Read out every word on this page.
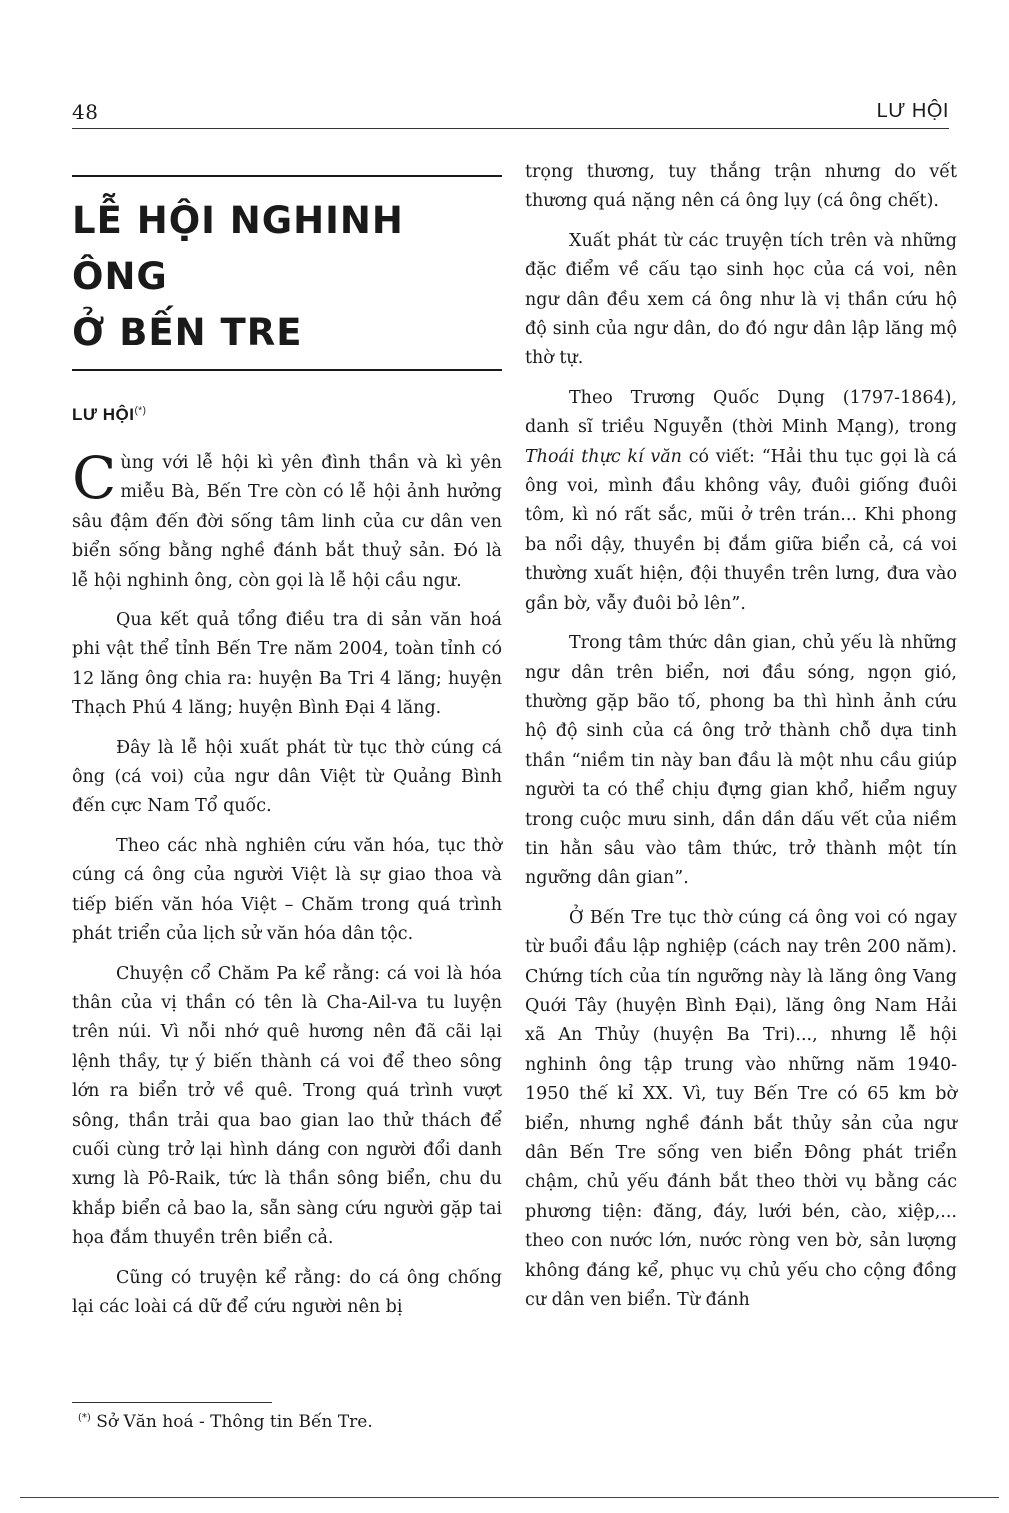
48	LƯ HỘI
LỄ HỘI NGHINH ÔNG
Ở BẾN TRE
LƯ HỘI(*)

Cùng với lễ hội kì yên đình thần và kì yên miễu Bà, Bến Tre còn có lễ hội ảnh hưởng sâu đậm đến đời sống tâm linh của cư dân ven biển sống bằng nghề đánh bắt thuỷ sản. Đó là lễ hội nghinh ông, còn gọi là lễ hội cầu ngư.

Qua kết quả tổng điều tra di sản văn hoá phi vật thể tỉnh Bến Tre năm 2004, toàn tỉnh có 12 lăng ông chia ra: huyện Ba Tri 4 lăng; huyện Thạch Phú 4 lăng; huyện Bình Đại 4 lăng.

Đây là lễ hội xuất phát từ tục thờ cúng cá ông (cá voi) của ngư dân Việt từ Quảng Bình đến cực Nam Tổ quốc.

Theo các nhà nghiên cứu văn hóa, tục thờ cúng cá ông của người Việt là sự giao thoa và tiếp biến văn hóa Việt – Chăm trong quá trình phát triển của lịch sử văn hóa dân tộc.

Chuyện cổ Chăm Pa kể rằng: cá voi là hóa thân của vị thần có tên là Cha-Ail-va tu luyện trên núi. Vì nỗi nhớ quê hương nên đã cãi lại lệnh thầy, tự ý biến thành cá voi để theo sông lớn ra biển trở về quê. Trong quá trình vượt sông, thần trải qua bao gian lao thử thách để cuối cùng trở lại hình dáng con người đổi danh xưng là Pô-Raik, tức là thần sông biển, chu du khắp biển cả bao la, sẵn sàng cứu người gặp tai họa đắm thuyền trên biển cả.

Cũng có truyện kể rằng: do cá ông chống lại các loài cá dữ để cứu người nên bị

trọng thương, tuy thắng trận nhưng do vết thương quá nặng nên cá ông lụy (cá ông chết).

Xuất phát từ các truyện tích trên và những đặc điểm về cấu tạo sinh học của cá voi, nên ngư dân đều xem cá ông như là vị thần cứu hộ độ sinh của ngư dân, do đó ngư dân lập lăng mộ thờ tự.

Theo Trương Quốc Dụng (1797-1864), danh sĩ triều Nguyễn (thời Minh Mạng), trong Thoái thực kí văn có viết: “Hải thu tục gọi là cá ông voi, mình đầu không vây, đuôi giống đuôi tôm, kì nó rất sắc, mũi ở trên trán... Khi phong ba nổi dậy, thuyền bị đắm giữa biển cả, cá voi thường xuất hiện, đội thuyền trên lưng, đưa vào gần bờ, vẫy đuôi bỏ lên”.

Trong tâm thức dân gian, chủ yếu là những ngư dân trên biển, nơi đầu sóng, ngọn gió, thường gặp bão tố, phong ba thì hình ảnh cứu hộ độ sinh của cá ông trở thành chỗ dựa tinh thần “niềm tin này ban đầu là một nhu cầu giúp người ta có thể chịu đựng gian khổ, hiểm nguy trong cuộc mưu sinh, dần dần dấu vết của niềm tin hằn sâu vào tâm thức, trở thành một tín ngưỡng dân gian”.

Ở Bến Tre tục thờ cúng cá ông voi có ngay từ buổi đầu lập nghiệp (cách nay trên 200 năm). Chứng tích của tín ngưỡng này là lăng ông Vang Quới Tây (huyện Bình Đại), lăng ông Nam Hải xã An Thủy (huyện Ba Tri)..., nhưng lễ hội nghinh ông tập trung vào những năm 1940-1950 thế kỉ XX. Vì, tuy Bến Tre có 65 km bờ biển, nhưng nghề đánh bắt thủy sản của ngư dân Bến Tre sống ven biển Đông phát triển chậm, chủ yếu đánh bắt theo thời vụ bằng các phương tiện: đăng, đáy, lưới bén, cào, xiệp,... theo con nước lớn, nước ròng ven bờ, sản lượng không đáng kể, phục vụ chủ yếu cho cộng đồng cư dân ven biển. Từ đánh

(*) Sở Văn hoá - Thông tin Bến Tre.
